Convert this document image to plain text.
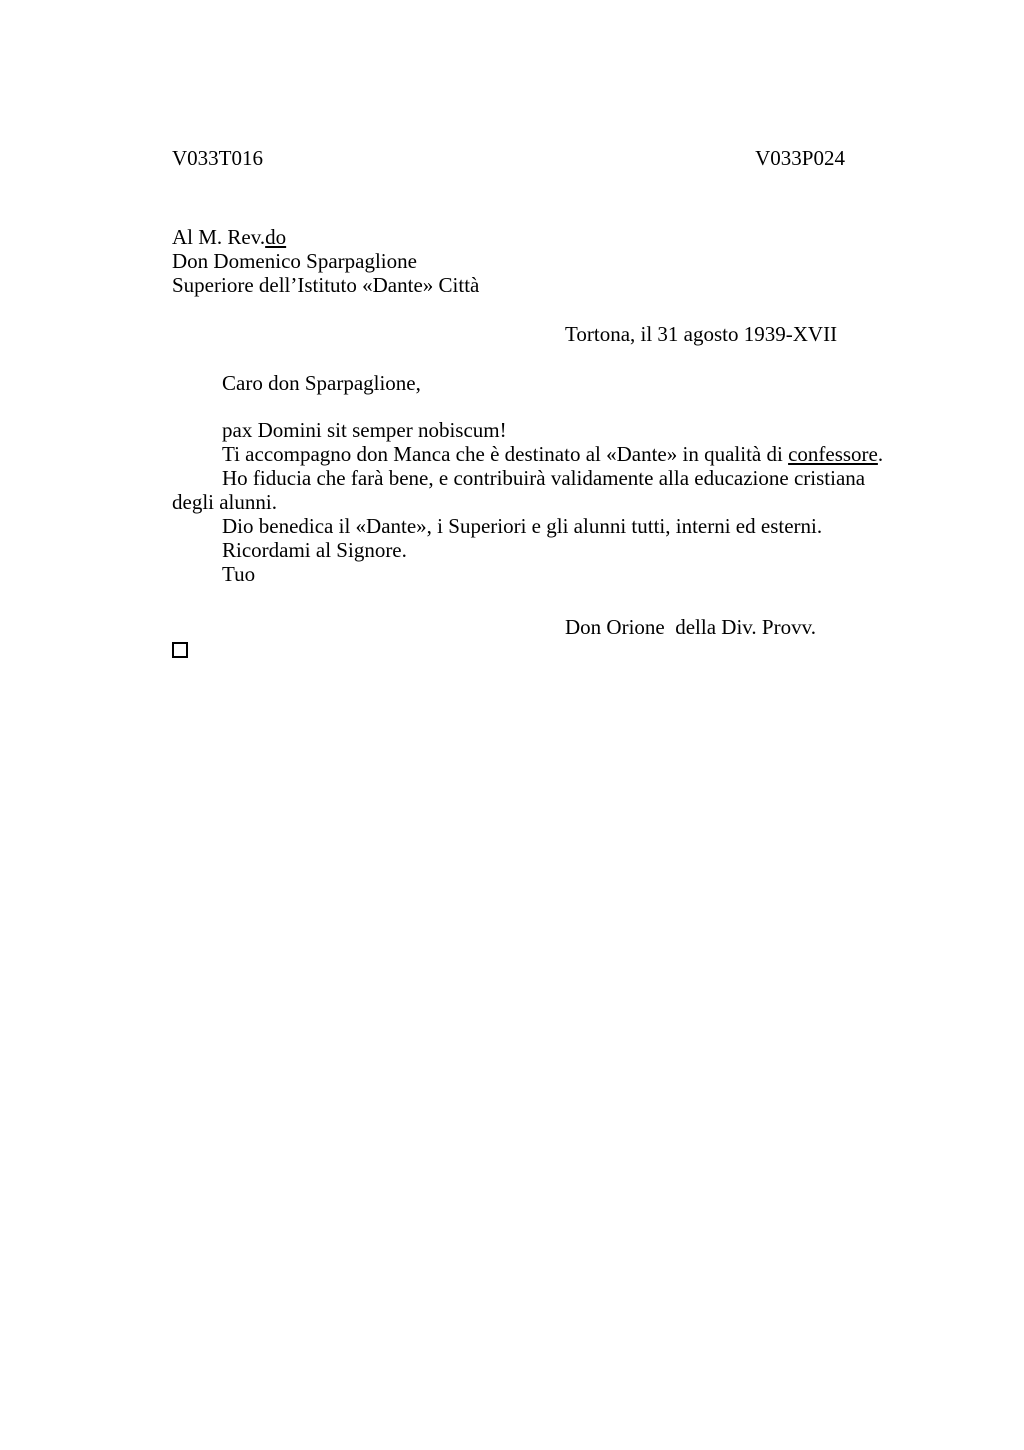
V033T016	V033P024
Al M. Rev.do
Don Domenico Sparpaglione
Superiore dell’Istituto «Dante» Città
Tortona, il 31 agosto 1939-XVII
Caro don Sparpaglione,
pax Domini sit semper nobiscum!
Ti accompagno don Manca che è destinato al «Dante» in qualità di confessore.
Ho fiducia che farà bene, e contribuirà validamente alla educazione cristiana
degli alunni.
Dio benedica il «Dante», i Superiori e gli alunni tutti, interni ed esterni.
Ricordami al Signore.
Tuo
Don Orione  della Div. Provv.
